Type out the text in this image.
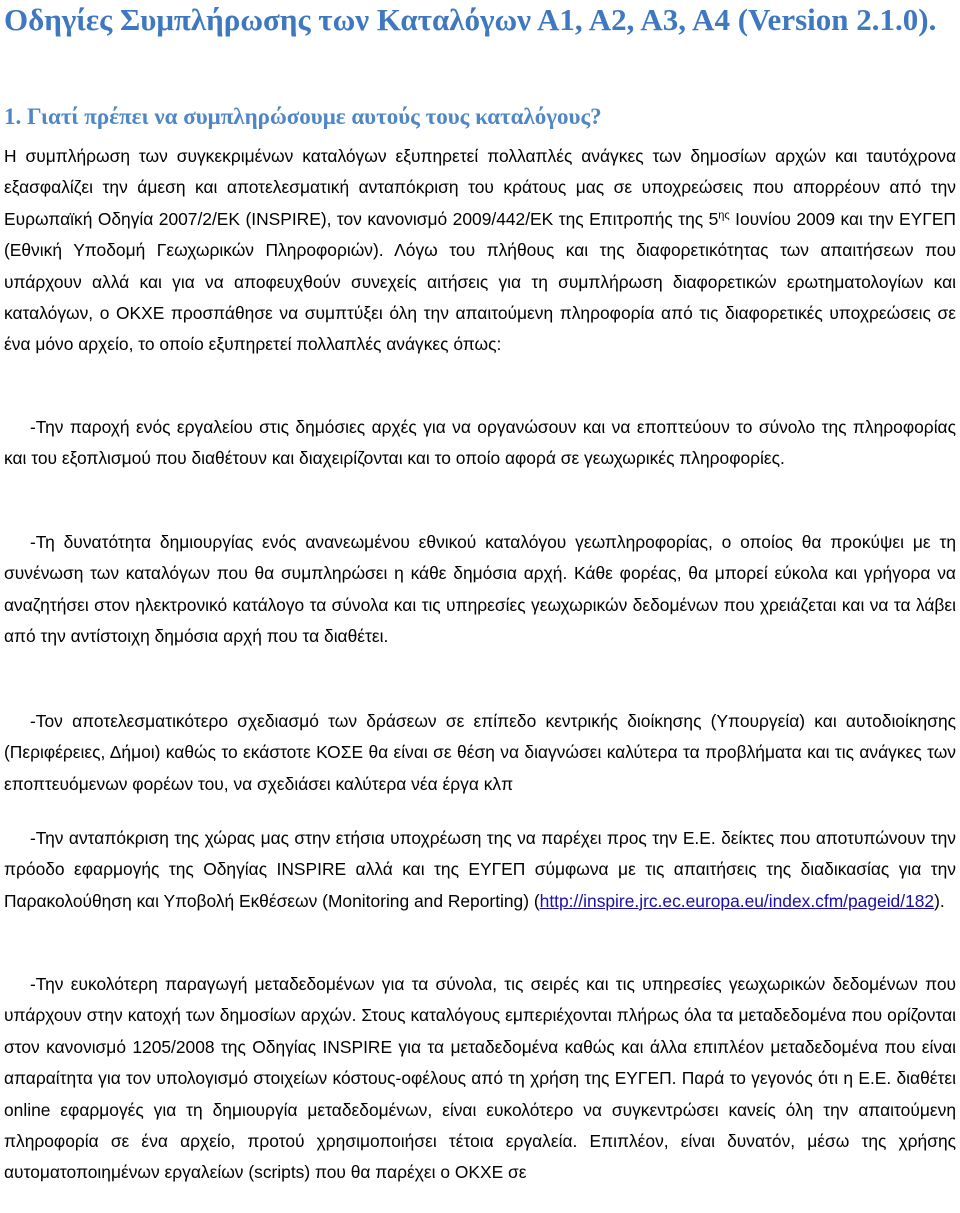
Οδηγίες Συμπλήρωσης των Καταλόγων Α1, Α2, Α3, Α4 (Version 2.1.0).
1. Γιατί πρέπει να συμπληρώσουμε αυτούς τους καταλόγους?

Η συμπλήρωση των συγκεκριμένων καταλόγων εξυπηρετεί πολλαπλές ανάγκες των δημοσίων αρχών και ταυτόχρονα εξασφαλίζει την άμεση και αποτελεσματική ανταπόκριση του κράτους μας σε υποχρεώσεις που απορρέουν από την Ευρωπαϊκή Οδηγία 2007/2/ΕΚ (INSPIRE), τον κανονισμό 2009/442/ΕΚ της Επιτροπής της $5^{\eta\varsigma}$ Ιουνίου 2009 και την ΕΥΓΕΠ (Εθνική Υποδομή Γεωχωρικών Πληροφοριών). Λόγω του πλήθους και της διαφορετικότητας των απαιτήσεων που υπάρχουν αλλά και για να αποφευχθούν συνεχείς αιτήσεις για τη συμπλήρωση διαφορετικών ερωτηματολογίων και καταλόγων, ο ΟΚΧΕ προσπάθησε να συμπτύξει όλη την απαιτούμενη πληροφορία από τις διαφορετικές υποχρεώσεις σε ένα μόνο αρχείο, το οποίο εξυπηρετεί πολλαπλές ανάγκες όπως:

-Την παροχή ενός εργαλείου στις δημόσιες αρχές για να οργανώσουν και να εποπτεύουν το σύνολο της πληροφορίας και του εξοπλισμού που διαθέτουν και διαχειρίζονται και το οποίο αφορά σε γεωχωρικές πληροφορίες.

-Τη δυνατότητα δημιουργίας ενός ανανεωμένου εθνικού καταλόγου γεωπληροφορίας, ο οποίος θα προκύψει με τη συνένωση των καταλόγων που θα συμπληρώσει η κάθε δημόσια αρχή. Κάθε φορέας, θα μπορεί εύκολα και γρήγορα να αναζητήσει στον ηλεκτρονικό κατάλογο τα σύνολα και τις υπηρεσίες γεωχωρικών δεδομένων που χρειάζεται και να τα λάβει από την αντίστοιχη δημόσια αρχή που τα διαθέτει.

-Τον αποτελεσματικότερο σχεδιασμό των δράσεων σε επίπεδο κεντρικής διοίκησης (Υπουργεία) και αυτοδιοίκησης (Περιφέρειες, Δήμοι) καθώς το εκάστοτε ΚΟΣΕ θα είναι σε θέση να διαγνώσει καλύτερα τα προβλήματα και τις ανάγκες των εποπτευόμενων φορέων του, να σχεδιάσει καλύτερα νέα έργα κλπ

-Την ανταπόκριση της χώρας μας στην ετήσια υποχρέωση της να παρέχει προς την Ε.Ε. δείκτες που αποτυπώνουν την πρόοδο εφαρμογής της Οδηγίας INSPIRE αλλά και της ΕΥΓΕΠ σύμφωνα με τις απαιτήσεις της διαδικασίας για την Παρακολούθηση και Υποβολή Εκθέσεων (Monitoring and Reporting) (http://inspire.jrc.ec.europa.eu/index.cfm/pageid/182).

-Την ευκολότερη παραγωγή μεταδεδομένων για τα σύνολα, τις σειρές και τις υπηρεσίες γεωχωρικών δεδομένων που υπάρχουν στην κατοχή των δημοσίων αρχών. Στους καταλόγους εμπεριέχονται πλήρως όλα τα μεταδεδομένα που ορίζονται στον κανονισμό 1205/2008 της Οδηγίας INSPIRE για τα μεταδεδομένα καθώς και άλλα επιπλέον μεταδεδομένα που είναι απαραίτητα για τον υπολογισμό στοιχείων κόστους-οφέλους από τη χρήση της ΕΥΓΕΠ. Παρά το γεγονός ότι η Ε.Ε. διαθέτει online εφαρμογές για τη δημιουργία μεταδεδομένων, είναι ευκολότερο να συγκεντρώσει κανείς όλη την απαιτούμενη πληροφορία σε ένα αρχείο, προτού χρησιμοποιήσει τέτοια εργαλεία. Επιπλέον, είναι δυνατόν, μέσω της χρήσης αυτοματοποιημένων εργαλείων (scripts) που θα παρέχει ο ΟΚΧΕ σε
